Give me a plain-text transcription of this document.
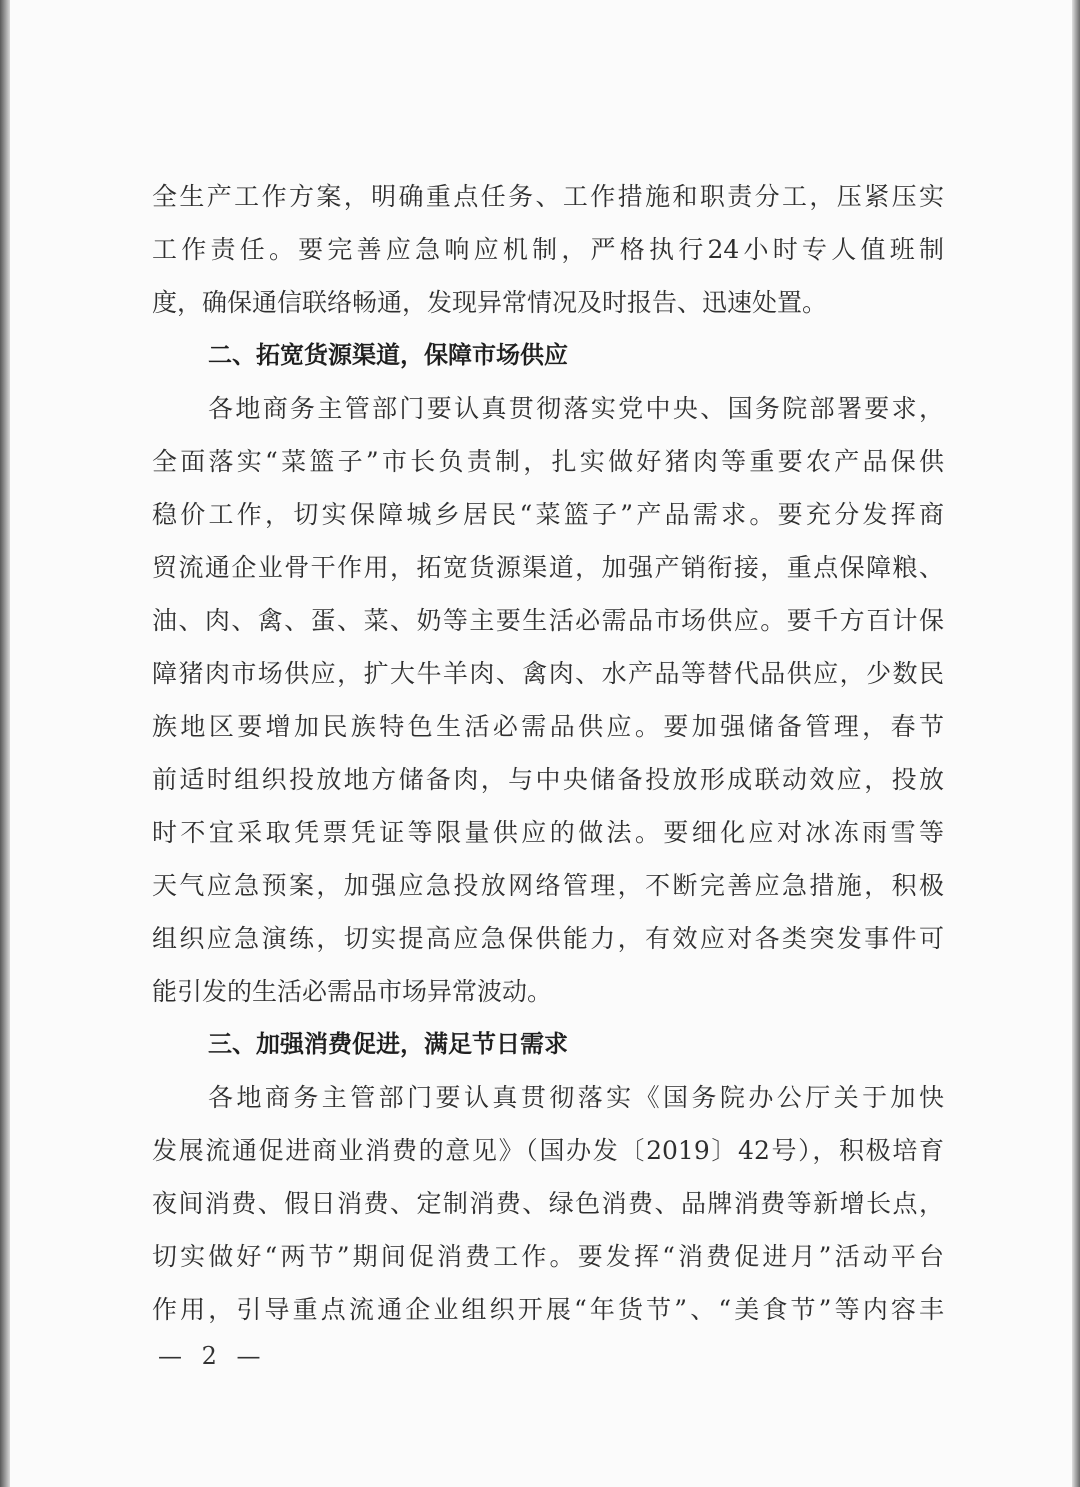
全生产工作方案，明确重点任务、工作措施和职责分工，压紧压实
工作责任。要完善应急响应机制，严格执行24小时专人值班制
度，确保通信联络畅通，发现异常情况及时报告、迅速处置。
二、拓宽货源渠道，保障市场供应
各地商务主管部门要认真贯彻落实党中央、国务院部署要求，
全面落实“菜篮子”市长负责制，扎实做好猪肉等重要农产品保供
稳价工作，切实保障城乡居民“菜篮子”产品需求。要充分发挥商
贸流通企业骨干作用，拓宽货源渠道，加强产销衔接，重点保障粮、
油、肉、禽、蛋、菜、奶等主要生活必需品市场供应。要千方百计保
障猪肉市场供应，扩大牛羊肉、禽肉、水产品等替代品供应，少数民
族地区要增加民族特色生活必需品供应。要加强储备管理，春节
前适时组织投放地方储备肉，与中央储备投放形成联动效应，投放
时不宜采取凭票凭证等限量供应的做法。要细化应对冰冻雨雪等
天气应急预案，加强应急投放网络管理，不断完善应急措施，积极
组织应急演练，切实提高应急保供能力，有效应对各类突发事件可
能引发的生活必需品市场异常波动。
三、加强消费促进，满足节日需求
各地商务主管部门要认真贯彻落实《国务院办公厅关于加快
发展流通促进商业消费的意见》（国办发〔2019〕42号），积极培育
夜间消费、假日消费、定制消费、绿色消费、品牌消费等新增长点，
切实做好“两节”期间促消费工作。要发挥“消费促进月”活动平台
作用，引导重点流通企业组织开展“年货节”、“美食节”等内容丰
— 2 —
